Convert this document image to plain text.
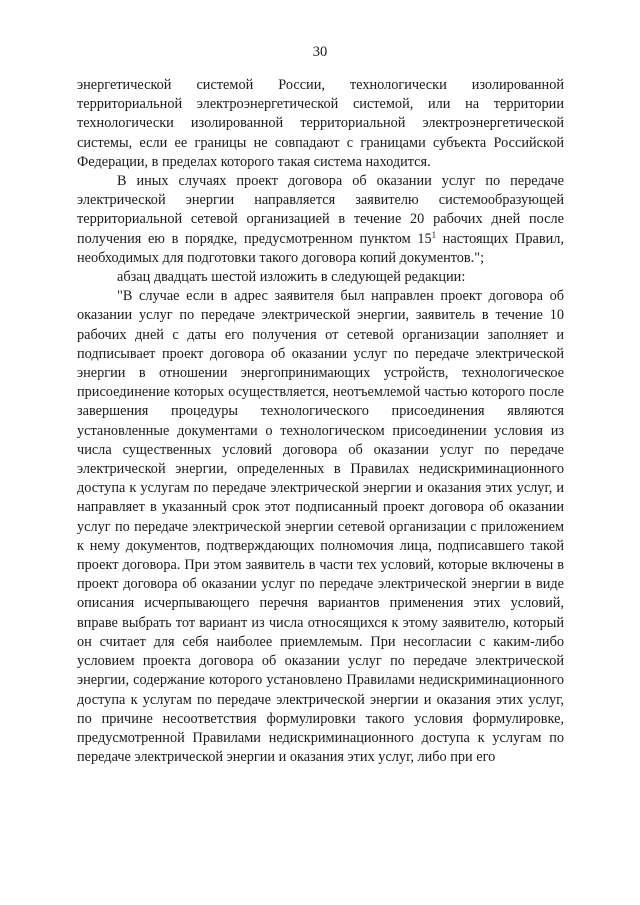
30

энергетической системой России, технологически изолированной территориальной электроэнергетической системой, или на территории технологически изолированной территориальной электроэнергетической системы, если ее границы не совпадают с границами субъекта Российской Федерации, в пределах которого такая система находится.

В иных случаях проект договора об оказании услуг по передаче электрической энергии направляется заявителю системообразующей территориальной сетевой организацией в течение 20 рабочих дней после получения ею в порядке, предусмотренном пунктом $15^1$ настоящих Правил, необходимых для подготовки такого договора копий документов.";

абзац двадцать шестой изложить в следующей редакции:

"В случае если в адрес заявителя был направлен проект договора об оказании услуг по передаче электрической энергии, заявитель в течение 10 рабочих дней с даты его получения от сетевой организации заполняет и подписывает проект договора об оказании услуг по передаче электрической энергии в отношении энергопринимающих устройств, технологическое присоединение которых осуществляется, неотъемлемой частью которого после завершения процедуры технологического присоединения являются установленные документами о технологическом присоединении условия из числа существенных условий договора об оказании услуг по передаче электрической энергии, определенных в Правилах недискриминационного доступа к услугам по передаче электрической энергии и оказания этих услуг, и направляет в указанный срок этот подписанный проект договора об оказании услуг по передаче электрической энергии сетевой организации с приложением к нему документов, подтверждающих полномочия лица, подписавшего такой проект договора. При этом заявитель в части тех условий, которые включены в проект договора об оказании услуг по передаче электрической энергии в виде описания исчерпывающего перечня вариантов применения этих условий, вправе выбрать тот вариант из числа относящихся к этому заявителю, который он считает для себя наиболее приемлемым. При несогласии с каким-либо условием проекта договора об оказании услуг по передаче электрической энергии, содержание которого установлено Правилами недискриминационного доступа к услугам по передаче электрической энергии и оказания этих услуг, по причине несоответствия формулировки такого условия формулировке, предусмотренной Правилами недискриминационного доступа к услугам по передаче электрической энергии и оказания этих услуг, либо при его
